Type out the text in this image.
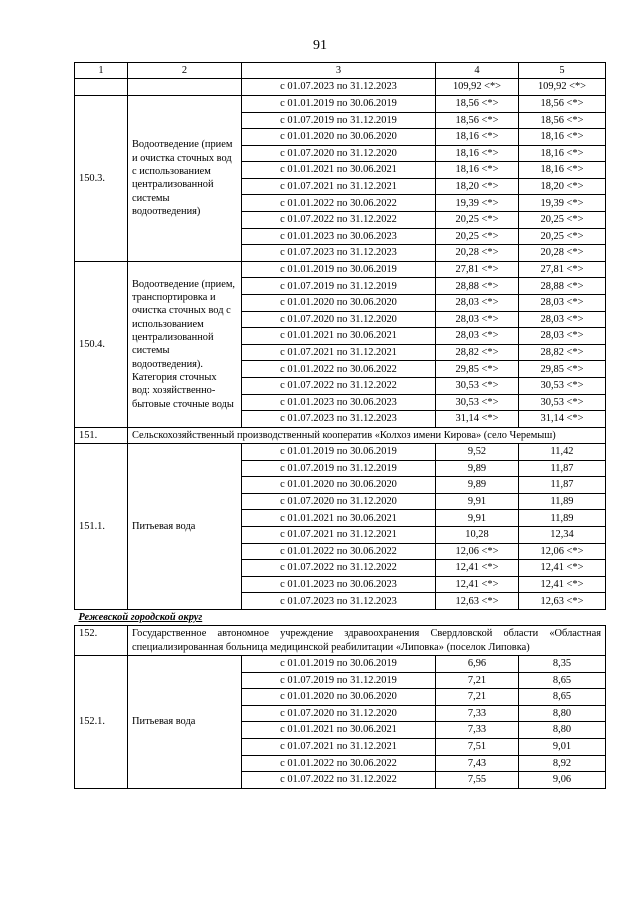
91
1	2	3	4	5
		с 01.07.2023 по 31.12.2023	109,92 <*>	109,92 <*>
150.3.	Водоотведение (прием и очистка сточных вод с использованием централизованной системы водоотведения)	с 01.01.2019 по 30.06.2019	18,56 <*>	18,56 <*>
		с 01.07.2019 по 31.12.2019	18,56 <*>	18,56 <*>
		с 01.01.2020 по 30.06.2020	18,16 <*>	18,16 <*>
		с 01.07.2020 по 31.12.2020	18,16 <*>	18,16 <*>
		с 01.01.2021 по 30.06.2021	18,16 <*>	18,16 <*>
		с 01.07.2021 по 31.12.2021	18,20 <*>	18,20 <*>
		с 01.01.2022 по 30.06.2022	19,39 <*>	19,39 <*>
		с 01.07.2022 по 31.12.2022	20,25 <*>	20,25 <*>
		с 01.01.2023 по 30.06.2023	20,25 <*>	20,25 <*>
		с 01.07.2023 по 31.12.2023	20,28 <*>	20,28 <*>
150.4.	Водоотведение (прием, транспортировка и очистка сточных вод с использованием централизованной системы водоотведения). Категория сточных вод: хозяйственно-бытовые сточные воды	с 01.01.2019 по 30.06.2019	27,81 <*>	27,81 <*>
		с 01.07.2019 по 31.12.2019	28,88 <*>	28,88 <*>
		с 01.01.2020 по 30.06.2020	28,03 <*>	28,03 <*>
		с 01.07.2020 по 31.12.2020	28,03 <*>	28,03 <*>
		с 01.01.2021 по 30.06.2021	28,03 <*>	28,03 <*>
		с 01.07.2021 по 31.12.2021	28,82 <*>	28,82 <*>
		с 01.01.2022 по 30.06.2022	29,85 <*>	29,85 <*>
		с 01.07.2022 по 31.12.2022	30,53 <*>	30,53 <*>
		с 01.01.2023 по 30.06.2023	30,53 <*>	30,53 <*>
		с 01.07.2023 по 31.12.2023	31,14 <*>	31,14 <*>
151.	Сельскохозяйственный производственный кооператив «Колхоз имени Кирова» (село Черемыш)			
151.1.	Питьевая вода	с 01.01.2019 по 30.06.2019	9,52	11,42
		с 01.07.2019 по 31.12.2019	9,89	11,87
		с 01.01.2020 по 30.06.2020	9,89	11,87
		с 01.07.2020 по 31.12.2020	9,91	11,89
		с 01.01.2021 по 30.06.2021	9,91	11,89
		с 01.07.2021 по 31.12.2021	10,28	12,34
		с 01.01.2022 по 30.06.2022	12,06 <*>	12,06 <*>
		с 01.07.2022 по 31.12.2022	12,41 <*>	12,41 <*>
		с 01.01.2023 по 30.06.2023	12,41 <*>	12,41 <*>
		с 01.07.2023 по 31.12.2023	12,63 <*>	12,63 <*>
Режевской городской округ				
152.	Государственное автономное учреждение здравоохранения Свердловской области «Областная специализированная больница медицинской реабилитации «Липовка» (поселок Липовка)			
152.1.	Питьевая вода	с 01.01.2019 по 30.06.2019	6,96	8,35
		с 01.07.2019 по 31.12.2019	7,21	8,65
		с 01.01.2020 по 30.06.2020	7,21	8,65
		с 01.07.2020 по 31.12.2020	7,33	8,80
		с 01.01.2021 по 30.06.2021	7,33	8,80
		с 01.07.2021 по 31.12.2021	7,51	9,01
		с 01.01.2022 по 30.06.2022	7,43	8,92
		с 01.07.2022 по 31.12.2022	7,55	9,06
